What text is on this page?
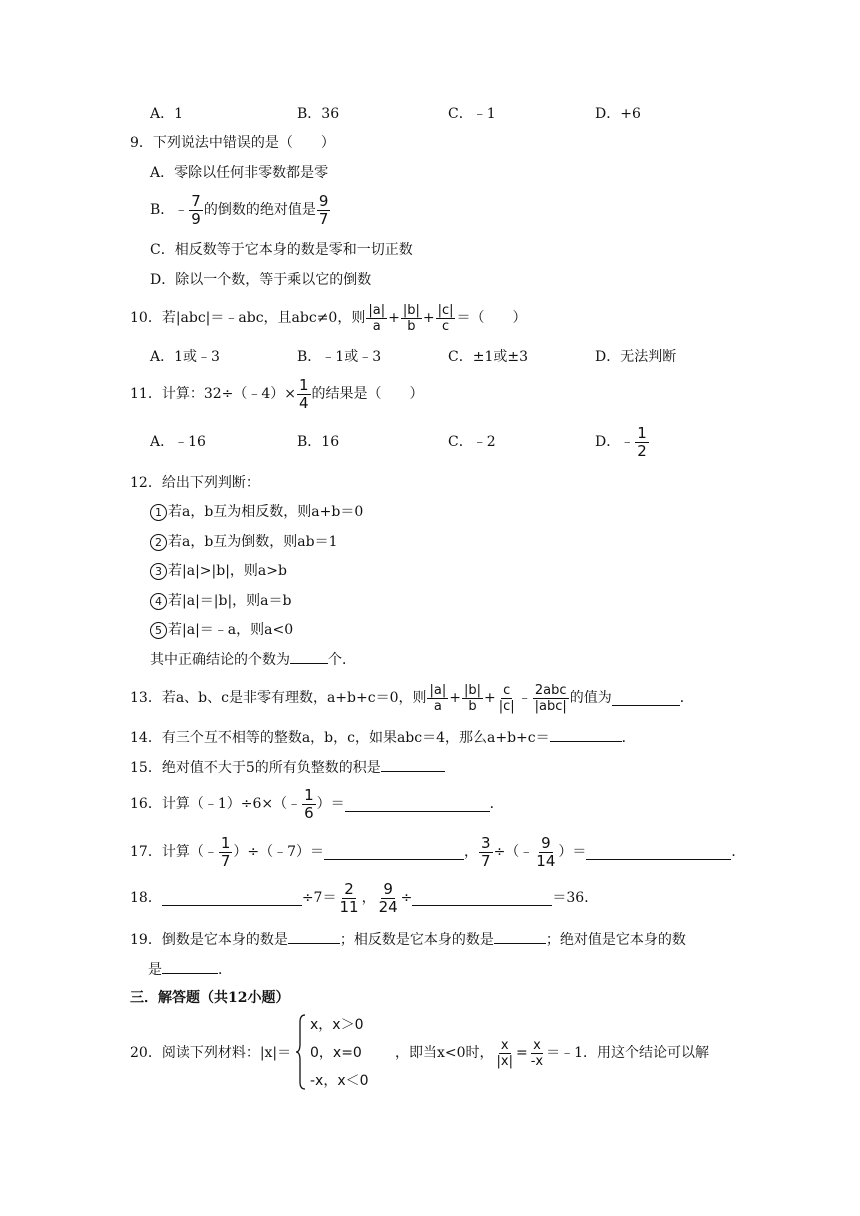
A．1	B．36	C．﹣1	D．+6
9．下列说法中错误的是（　　）
A．零除以任何非零数都是零
B．﹣ $\frac{7}{9}$ 的倒数的绝对值是 $\frac{9}{7}$
C．相反数等于它本身的数是零和一切正数
D．除以一个数，等于乘以它的倒数
10．若|abc|＝﹣abc，且abc≠0，则 $\frac{|a|}{a} + \frac{|b|}{b} + \frac{|c|}{c}$ ＝（　　）
A．1或﹣3	B．﹣1或﹣3	C．±1或±3	D．无法判断
11．计算：32÷（﹣4）× $\frac{1}{4}$ 的结果是（　　）
A．﹣16	B．16	C．﹣2	D．﹣ $\frac{1}{2}$
12．给出下列判断：
1 若a，b互为相反数，则a+b＝0
2 若a，b互为倒数，则ab＝1
3 若|a|>|b|，则a>b
4 若|a|＝|b|，则a＝b
5 若|a|＝﹣a，则a<0
其中正确结论的个数为	个．
13．若a、b、c是非零有理数，a+b+c＝0，则 $\frac{|a|}{a} + \frac{|b|}{b} + \frac{c}{|c|}$ ﹣ $\frac{\text{2abc}}{\text{|abc|}}$ 的值为	．
14．有三个互不相等的整数a，b，c，如果abc＝4，那么a+b+c＝	．
15．绝对值不大于5的所有负整数的积是
16．计算（﹣1）÷6×（﹣ $\frac{1}{6}$ ）＝	．
17．计算（﹣ $\frac{1}{7}$ ）÷（﹣7）＝	， $\frac{3}{7}$ ÷（﹣ $\frac{9}{14}$ ）＝	．
18．	$\div 7= \frac{2}{11}$ ， $\frac{9}{24}$ ÷	＝36．
19．倒数是它本身的数是	；相反数是它本身的数是	；绝对值是它本身的数
是	．
三．解答题（共12小题）
20．阅读下列材料：|x|＝
x，x＞0
0，x=0
-x，x＜0
，即当x<0时， $\frac{x}{|x|} = \frac{x}{-x}$ ＝﹣1．用这个结论可以解
